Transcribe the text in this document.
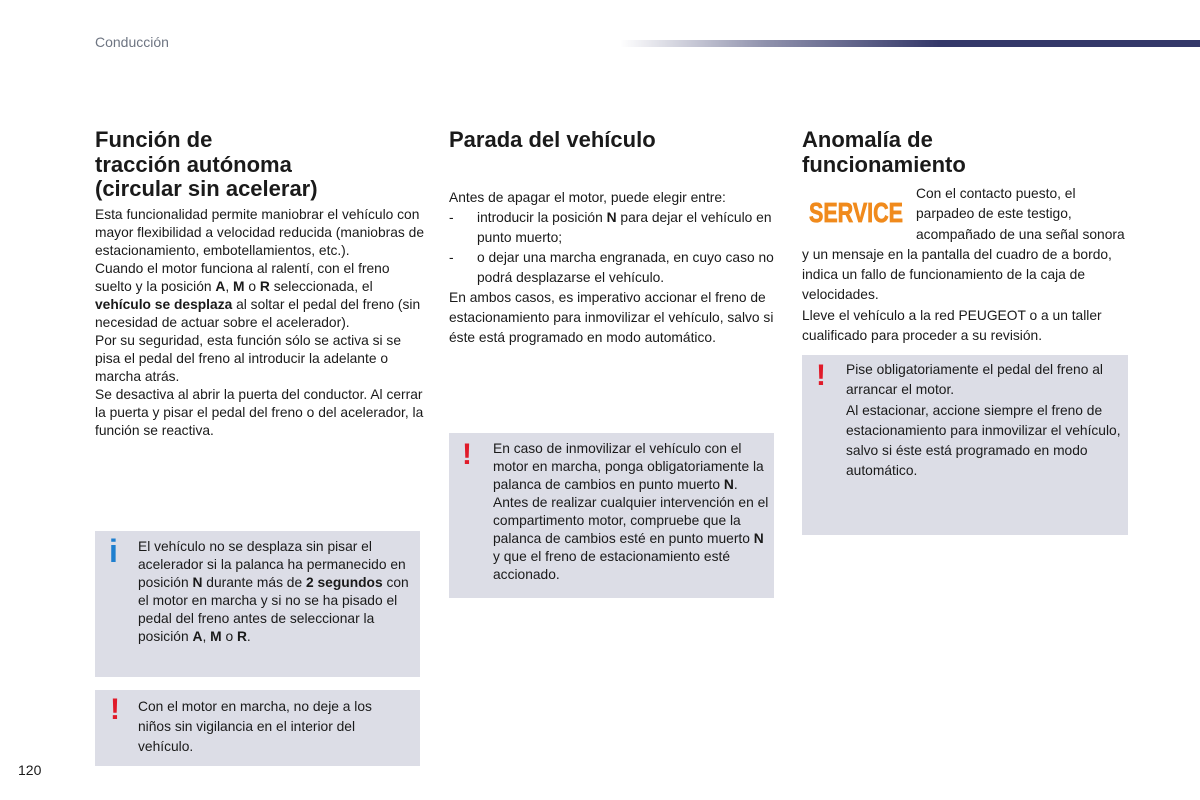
Conducción
Función de
tracción autónoma
(circular sin acelerar)

Esta funcionalidad permite maniobrar el vehículo con mayor flexibilidad a velocidad reducida (maniobras de estacionamiento, embotellamientos, etc.).

Cuando el motor funciona al ralentí, con el freno suelto y la posición A, M o R seleccionada, el vehículo se desplaza al soltar el pedal del freno (sin necesidad de actuar sobre el acelerador).

Por su seguridad, esta función sólo se activa si se pisa el pedal del freno al introducir la adelante o marcha atrás.

Se desactiva al abrir la puerta del conductor. Al cerrar la puerta y pisar el pedal del freno o del acelerador, la función se reactiva.

i El vehículo no se desplaza sin pisar el acelerador si la palanca ha permanecido en posición N durante más de 2 segundos con el motor en marcha y si no se ha pisado el pedal del freno antes de seleccionar la posición A, M o R.
! Con el motor en marcha, no deje a los niños sin vigilancia en el interior del vehículo.
Parada del vehículo

Antes de apagar el motor, puede elegir entre:

- introducir la posición N para dejar el vehículo en punto muerto;

- o dejar una marcha engranada, en cuyo caso no podrá desplazarse el vehículo.

En ambos casos, es imperativo accionar el freno de estacionamiento para inmovilizar el vehículo, salvo si éste está programado en modo automático.

! En caso de inmovilizar el vehículo con el motor en marcha, ponga obligatoriamente la palanca de cambios en punto muerto N.
Antes de realizar cualquier intervención en el compartimento motor, compruebe que la palanca de cambios esté en punto muerto N y que el freno de estacionamiento esté accionado.
Anomalía de
funcionamiento
SERVICE

Con el contacto puesto, el parpadeo de este testigo, acompañado de una señal sonora y un mensaje en la pantalla del cuadro de a bordo, indica un fallo de funcionamiento de la caja de velocidades.

Lleve el vehículo a la red PEUGEOT o a un taller cualificado para proceder a su revisión.

! Pise obligatoriamente el pedal del freno al arrancar el motor.

Al estacionar, accione siempre el freno de estacionamiento para inmovilizar el vehículo, salvo si éste está programado en modo automático.

120
